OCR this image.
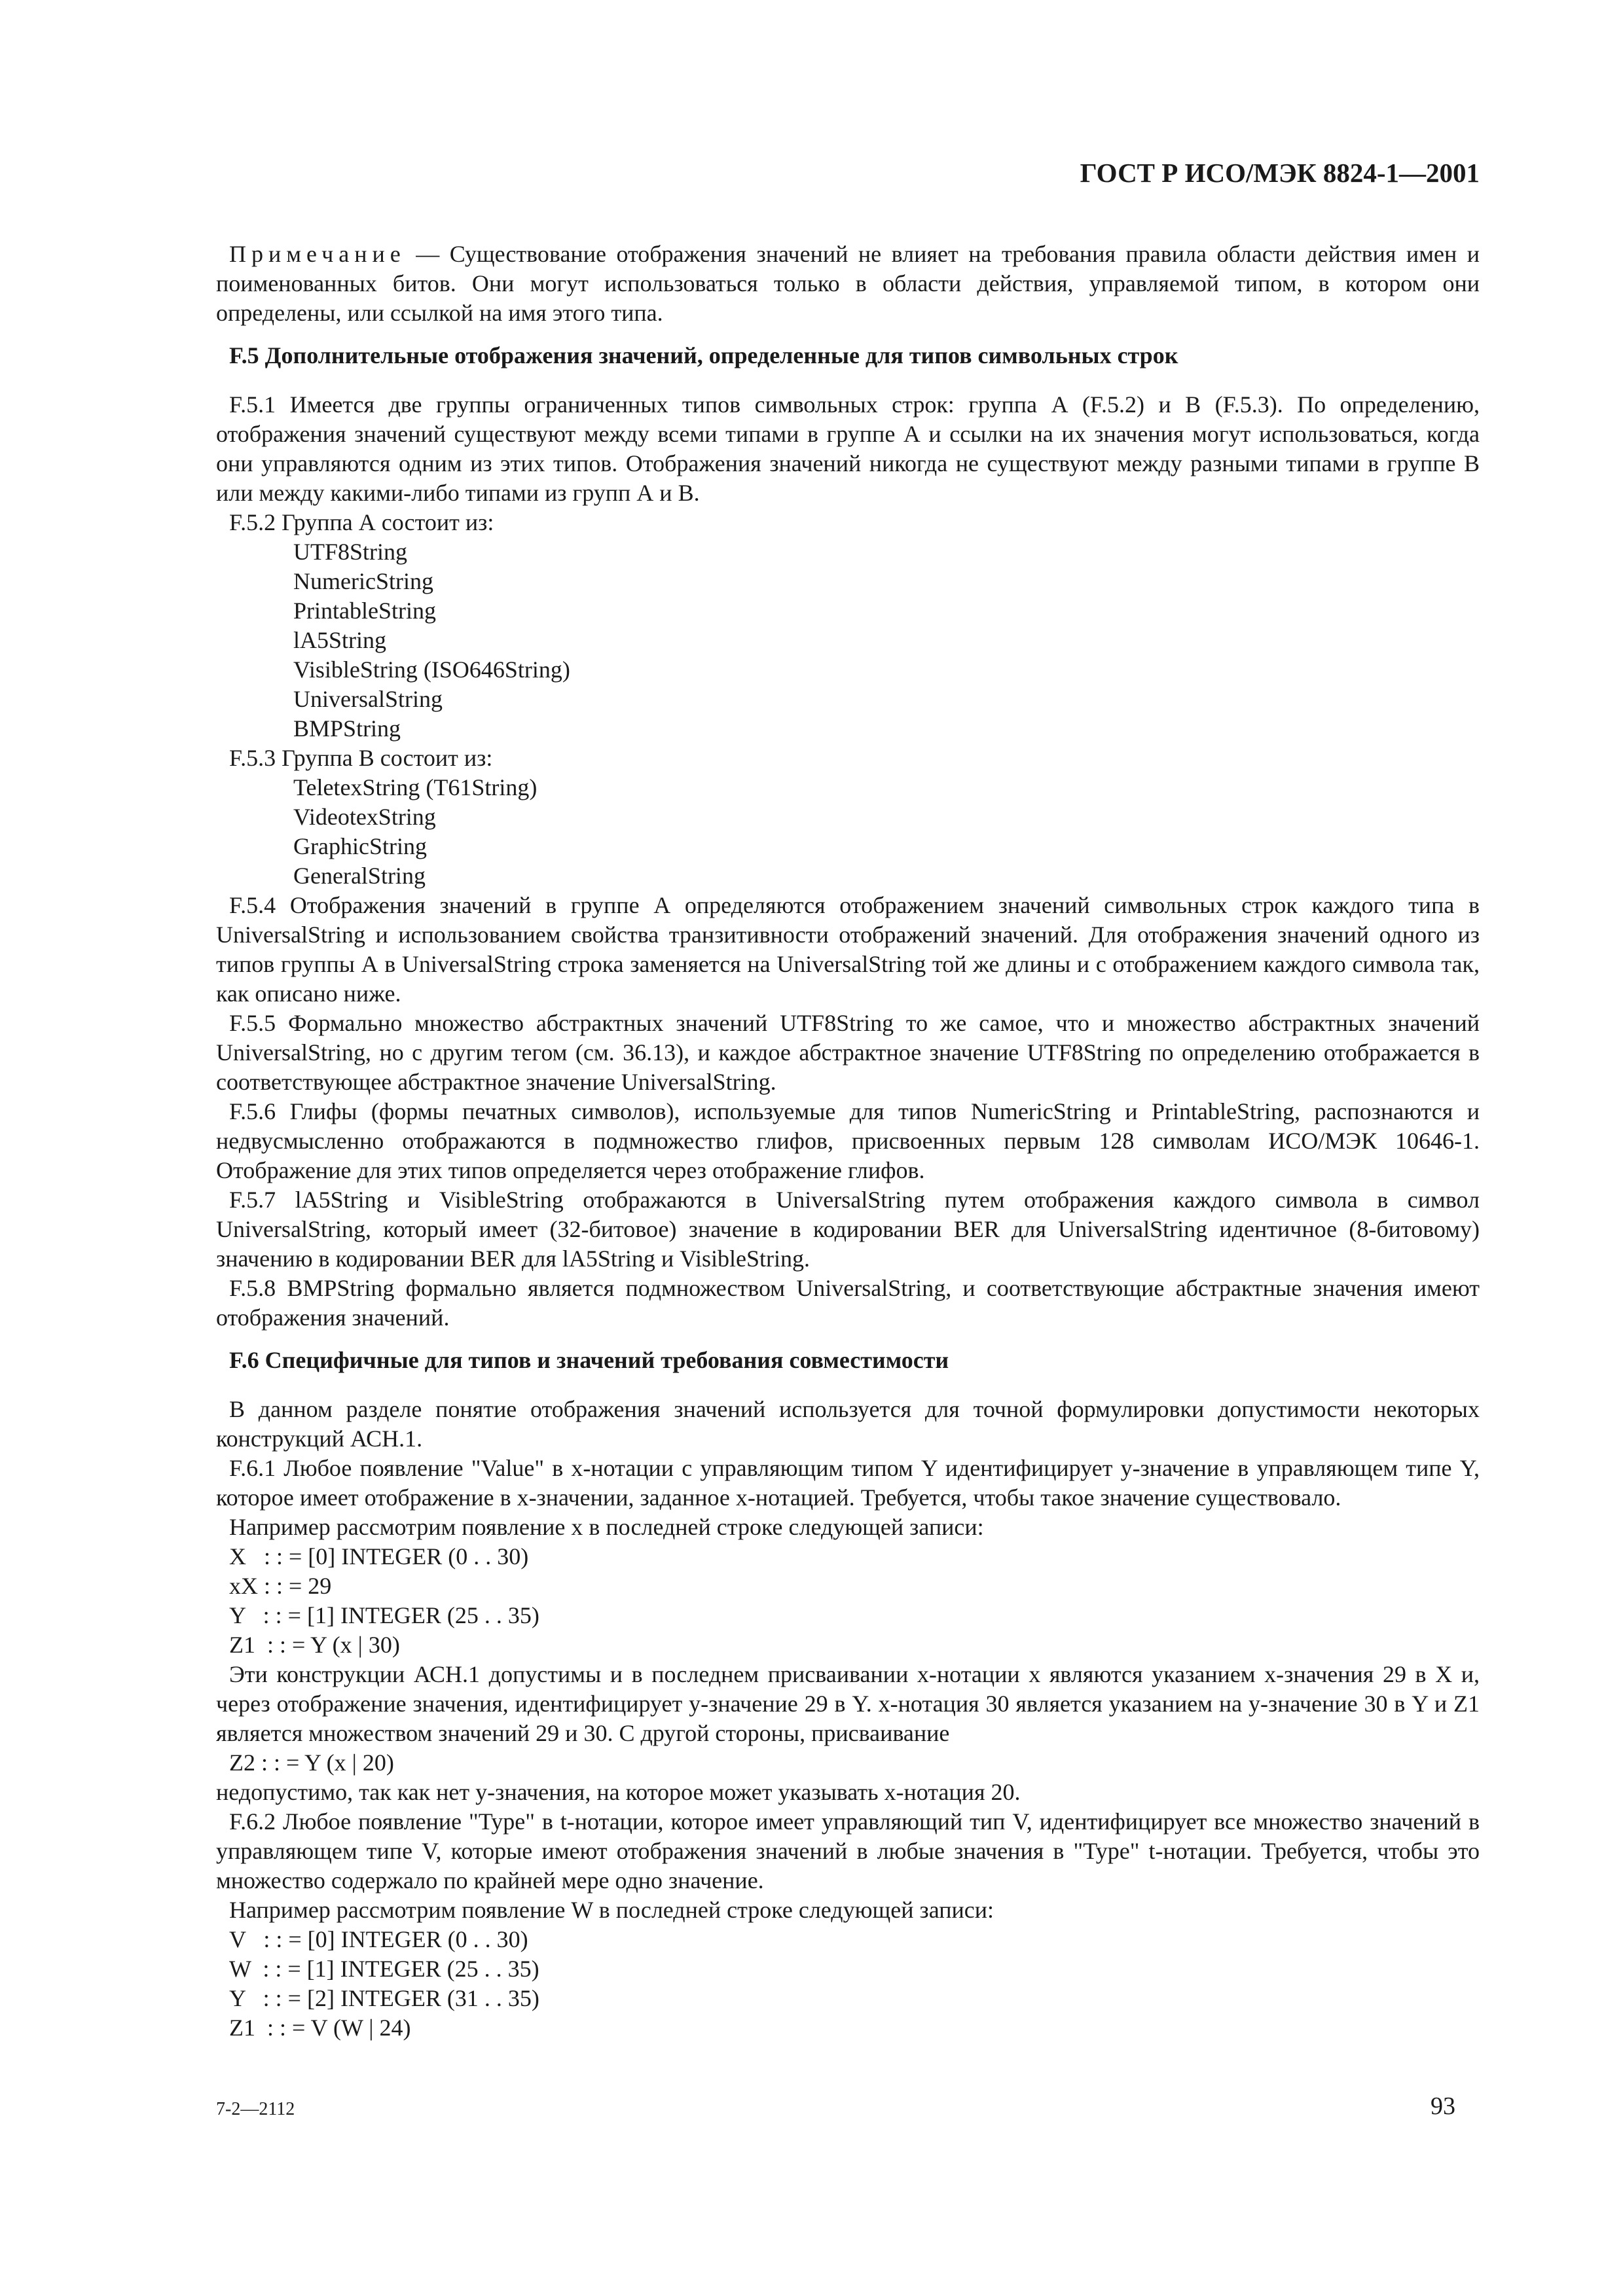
ГОСТ Р ИСО/МЭК 8824-1—2001

Примечание — Существование отображения значений не влияет на требования правила области действия имен и поименованных битов. Они могут использоваться только в области действия, управляемой типом, в котором они определены, или ссылкой на имя этого типа.

F.5 Дополнительные отображения значений, определенные для типов символьных строк

F.5.1 Имеется две группы ограниченных типов символьных строк: группа А (F.5.2) и В (F.5.3). По определению, отображения значений существуют между всеми типами в группе А и ссылки на их значения могут использоваться, когда они управляются одним из этих типов. Отображения значений никогда не существуют между разными типами в группе В или между какими-либо типами из групп А и В.

F.5.2 Группа А состоит из:
UTF8String
NumericString
PrintableString
lA5String
VisibleString (ISO646String)
UniversalString
BMPString
F.5.3 Группа В состоит из:
TeletexString (T61String)
VideotexString
GraphicString
GeneralString

F.5.4 Отображения значений в группе А определяются отображением значений символьных строк каждого типа в UniversalString и использованием свойства транзитивности отображений значений. Для отображения значений одного из типов группы А в UniversalString строка заменяется на UniversalString той же длины и с отображением каждого символа так, как описано ниже.

F.5.5 Формально множество абстрактных значений UTF8String то же самое, что и множество абстрактных значений UniversalString, но с другим тегом (см. 36.13), и каждое абстрактное значение UTF8String по определению отображается в соответствующее абстрактное значение UniversalString.

F.5.6 Глифы (формы печатных символов), используемые для типов NumericString и PrintableString, распознаются и недвусмысленно отображаются в подмножество глифов, присвоенных первым 128 символам ИСО/МЭК 10646-1. Отображение для этих типов определяется через отображение глифов.

F.5.7 lA5String и VisibleString отображаются в UniversalString путем отображения каждого символа в символ UniversalString, который имеет (32-битовое) значение в кодировании BER для UniversalString идентичное (8-битовому) значению в кодировании BER для lA5String и VisibleString.

F.5.8 BMPString формально является подмножеством UniversalString, и соответствующие абстрактные значения имеют отображения значений.

F.6 Специфичные для типов и значений требования совместимости

В данном разделе понятие отображения значений используется для точной формулировки допустимости некоторых конструкций АСН.1.

F.6.1 Любое появление "Value" в x-нотации с управляющим типом Y идентифицирует y-значение в управляющем типе Y, которое имеет отображение в x-значении, заданное x-нотацией. Требуется, чтобы такое значение существовало.

Например рассмотрим появление x в последней строке следующей записи:

X   : : = [0] INTEGER (0 . . 30)
xX : : = 29
Y   : : = [1] INTEGER (25 . . 35)
Z1  : : = Y (x | 30)

Эти конструкции АСН.1 допустимы и в последнем присваивании x-нотации x являются указанием x-значения 29 в X и, через отображение значения, идентифицирует y-значение 29 в Y. x-нотация 30 является указанием на y-значение 30 в Y и Z1 является множеством значений 29 и 30. С другой стороны, присваивание

Z2 : : = Y (x | 20)

недопустимо, так как нет y-значения, на которое может указывать x-нотация 20.

F.6.2 Любое появление "Type" в t-нотации, которое имеет управляющий тип V, идентифицирует все множество значений в управляющем типе V, которые имеют отображения значений в любые значения в "Type" t-нотации. Требуется, чтобы это множество содержало по крайней мере одно значение.

Например рассмотрим появление W в последней строке следующей записи:

V   : : = [0] INTEGER (0 . . 30)
W  : : = [1] INTEGER (25 . . 35)
Y   : : = [2] INTEGER (31 . . 35)
Z1  : : = V (W | 24)
7-2—2112	93
